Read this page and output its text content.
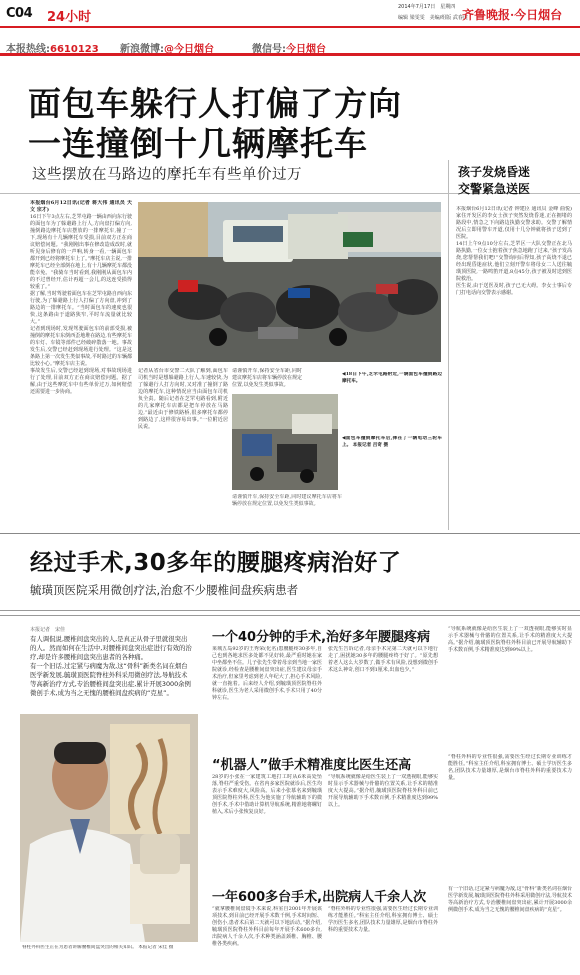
C04 24小时
2014年7月17日　星期四
编辑 梁雯雯　美编/组版 武春虎
齐鲁晚报·今日烟台
本报热线:6610123 新浪微博:@今日烟台	微信号:今日烟台
面包车躲行人打偏了方向
一连撞倒十几辆摩托车
这些摆放在马路边的摩托车有些单价过万

本报烟台6月12日讯(记者 蒋大伟 通讯员 天文 宗才)

16日下午3点左右,芝罘屯路一辆由西向东行驶的面包车为了躲避路上行人,方向盘打偏方向,撞倒路边摩托车店摆放的一排摩托车,撞了一下,现场有十几辆摩托车受损,目前双方正在商议赔偿问题。“我刚刚出事在修改造成改时,就听见身后修有的一声响,转身一看,一辆面包车都开到已经将摩托车上了。”摩托车店主说,一排摩托车已经全部倒在地上,有十几辆摩托车都没能幸免。“我骑车当时看到,我刚刚从面包车内的不过曾经开,估计再超一会儿,的这连受损得较重了。”

据了解,当时驾驶着面包车在芝罘屯路自西向东行驶,为了躲避路上行人打偏了方向盘,冲到了路边的一排摩托车。“当时面包车的速度也很快,这条路由于道路狭窄,平时车流量就比较大。”

记者到现场时,发现驾驶面包车的前部受损,被撞倒的摩托车东倒西歪地堆在路边,有些摩托车的车灯、车镜等部件已经破碎散落一地。事故发生后,交警已经赶到现场进行处理。“这是这条路上第一次发生类似事故,平时路过的车辆都比较小心。”摩托车店主说。

事故发生后,交警已经赶到现场,对事故现场进行了处理,目前双方正在商议赔偿问题。据了解,由于这些摩托车中有些单价过万,如何赔偿还需要进一步协商。

记者从省台市交警二大队了解到,面包车司机当时是想躲避路上行人,车速较快,为了躲避行人打方向时,又对准了撞倒了路边的摩托车,这种情况应当由面包车司机负全责。随后记者在芝罘屯路看到,附近的几家摩托车店都是把车停放在马路边,“最近由于修铁路桥,很多摩托车都停到路边了,这样很容易出事。”一位附近居民说。

请谨慎开车,保持安全车距,同时建议摩托车店将车辆停放在规定位置,以免发生类似事故。

请谨慎开车,保持安全车距,同时建议摩托车店将车辆停放在规定位置,以免发生类似事故。

◀18日下午,芝罘屯路附近,一辆面包车撞倒路边摩托车。
◀面包车撞倒摩托车后,摔在了一辆电动三轮车上。 本报记者 吕奇 摄
孩子发烧昏迷
交警紧急送医

本报烟台6月12日讯(记者 钟建臣 通讯员 金峰 曲悦)家住开发区的李女士孩子突然发烧昏迷,正在拥堵的路段中,情急之下向路边执勤交警求助。交警了解情况后立即用警车开道,仅用十几分钟就将孩子送到了医院。

14日上午9点10分左右,芝罘区一大队交警正在北马路执勤,一位女士抱着孩子焦急地跑了过来,“孩子发高烧,您帮帮我们吧!”交警询问后得知,孩子高烧不退已经出现昏迷症状,他们立刻开警车将母女二人送往毓璜顶医院,一路鸣笛开道,8点45分,孩子被及时送到医院救治。

医生说,由于送医及时,孩子已无大碍。李女士事后专门打电话向交警表示感谢。

经过手术,30多年的腰腿疼病治好了
毓璜顶医院采用微创疗法,治愈不少腰椎间盘疾病患者
本报记者　宋佳

有人调侃说,腰椎间盘突出的人,是真正从骨子里就很突出的人。然而如何在生活中,对腰椎间盘突出症进行有效的治疗,却是许多腰椎间盘突出患者的各种痛。

有一个旧话,过定紧与病魔为敌,这“骨科”新类名词在烟台医学新发展,毓璜顶医院脊柱外科采用微创疗法,导航技术等高新治疗方式,专治腰椎间盘突出症,累计开展3000余例微创手术,成为当之无愧的腰椎间盘疾病的“克星”。

脊柱外科医生正在为患者讲解腰椎间盘突出的相关知识。 本报记者 宋佳 摄
一个40分钟的手术,治好多年腰腿疼病

莱城五岛92岁的王秀荣(化名)患腰腿疼30多年,自己也到各地求医多处都不见好转,最严重时她在家中坐都坐不住。儿子张先生带着母亲到当地一家医院就诊,经检查是腰椎间盘突出症,医生建议母亲手术治疗,但家里考虑到老人年纪大了,担心手术风险,就一直拖着。后来经人介绍,到毓璜顶医院脊柱外科就诊,医生为老人采用微创手术,手术只用了40分钟左右。

张先生告诉记者,母亲手术完第二天就可以下地行走了,困扰她30多年的腰腿疼终于好了。“原先想着老人这么大岁数了,做手术有风险,没想到微创手术这么神奇,创口不到1厘米,出血也少。”

“导航系统就像是给医生装上了一双透视眼,能够实时显示手术器械与骨骼的位置关系,让手术的精准度大大提高。”据介绍,毓璜顶医院脊柱外科目前已开展导航辅助下手术数百例,手术精准度达到99%以上。

“机器人”做手术精准度比医生还高

28岁的小张在一家建筑工地打工时从6米高处坠落,脊柱严重受伤。在省内多家医院就诊后,医生均表示手术难度大,风险高。后来小张慕名来到毓璜顶医院脊柱外科,医生为他实施了导航辅助下的微创手术,手术中借助计算机导航系统,精准地将螺钉植入,术后小张恢复良好。

“导航系统就像是给医生装上了一双透视眼,能够实时显示手术器械与骨骼的位置关系,让手术的精准度大大提高。”据介绍,毓璜顶医院脊柱外科目前已开展导航辅助下手术数百例,手术精准度达到99%以上。

“脊柱外科的专业性很强,需要医生经过长期专业训练才能胜任。”科室主任介绍,科室拥有博士、硕士学历医生多名,团队技术力量雄厚,是烟台市脊柱外科的重要技术力量。

一年600多台手术,出院病人千余人次

“就拿腰椎间盘镜手术来说,科室自2001年开展该项技术,到目前已经开展手术数千例,手术时间短、创伤小,患者术后第二天就可以下地活动。”据介绍,毓璜顶医院脊柱外科目前每年开展手术600多台,出院病人千余人次,手术种类涵盖颈椎、胸椎、腰椎各类疾病。

“脊柱外科的专业性很强,需要医生经过长期专业训练才能胜任。”科室主任介绍,科室拥有博士、硕士学历医生多名,团队技术力量雄厚,是烟台市脊柱外科的重要技术力量。

有一个旧话,过定紧与病魔为敌,这“骨科”新类名词在烟台医学新发展,毓璜顶医院脊柱外科采用微创疗法,导航技术等高新治疗方式,专治腰椎间盘突出症,累计开展3000余例微创手术,成为当之无愧的腰椎间盘疾病的“克星”。
